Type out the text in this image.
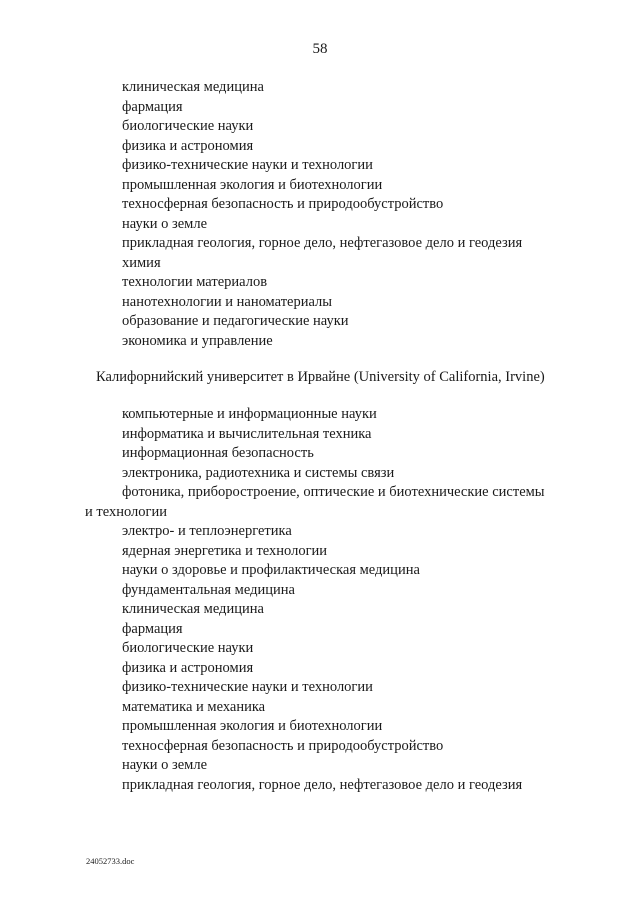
58
клиническая медицина
фармация
биологические науки
физика и астрономия
физико-технические науки и технологии
промышленная экология и биотехнологии
техносферная безопасность и природообустройство
науки о земле
прикладная геология, горное дело, нефтегазовое дело и геодезия
химия
технологии материалов
нанотехнологии и наноматериалы
образование и педагогические науки
экономика и управление
Калифорнийский университет в Ирвайне (University of California, Irvine)
компьютерные и информационные науки
информатика и вычислительная техника
информационная безопасность
электроника, радиотехника и системы связи
фотоника, приборостроение, оптические и биотехнические системы
и технологии
электро- и теплоэнергетика
ядерная энергетика и технологии
науки о здоровье и профилактическая медицина
фундаментальная медицина
клиническая медицина
фармация
биологические науки
физика и астрономия
физико-технические науки и технологии
математика и механика
промышленная экология и биотехнологии
техносферная безопасность и природообустройство
науки о земле
прикладная геология, горное дело, нефтегазовое дело и геодезия
24052733.doc
